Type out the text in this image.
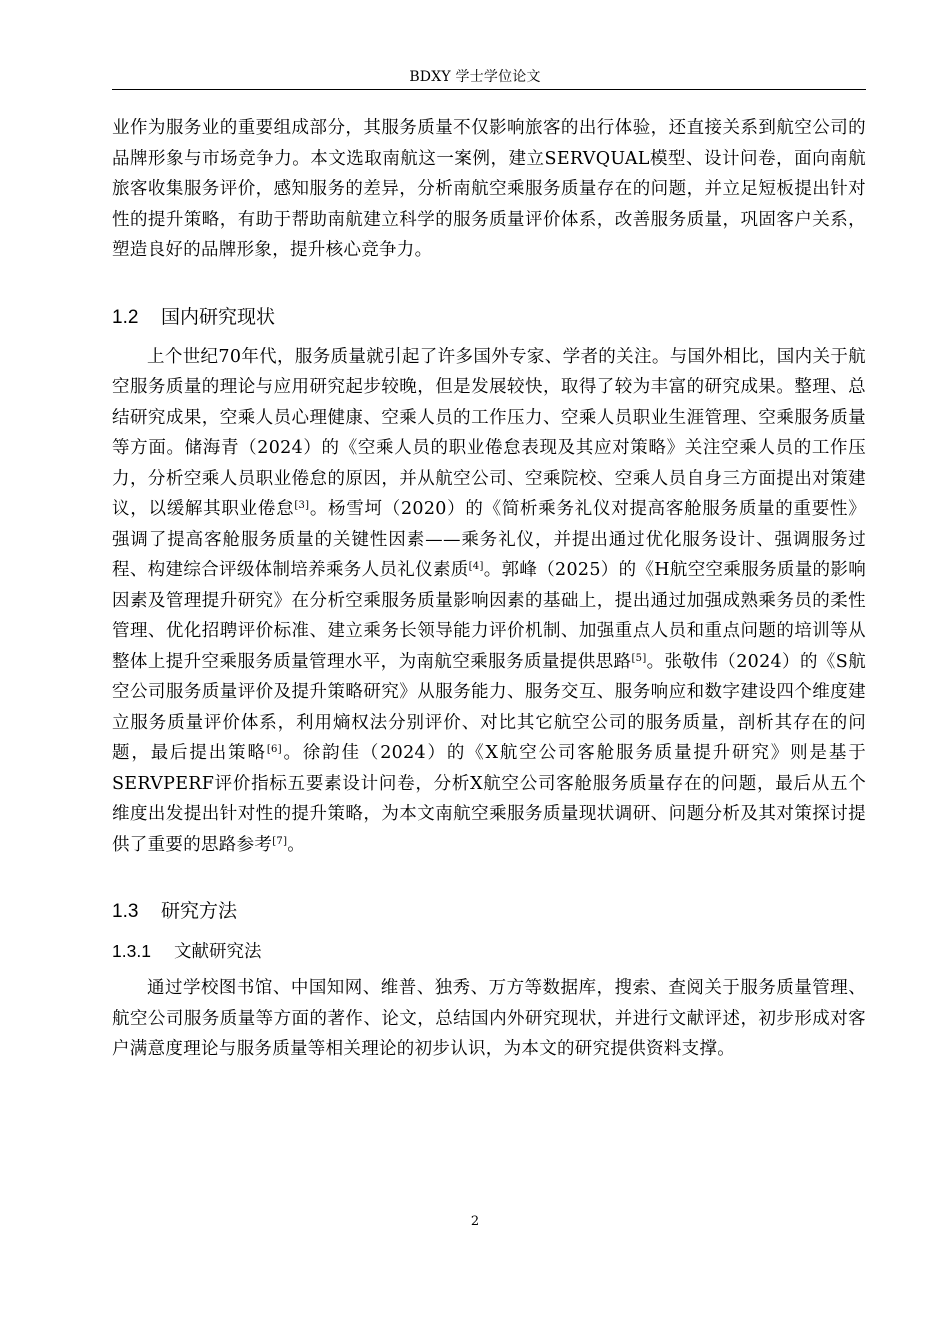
BDXY 学士学位论文

业作为服务业的重要组成部分，其服务质量不仅影响旅客的出行体验，还直接关系到航空公司的品牌形象与市场竞争力。本文选取南航这一案例，建立SERVQUAL模型、设计问卷，面向南航旅客收集服务评价，感知服务的差异，分析南航空乘服务质量存在的问题，并立足短板提出针对性的提升策略，有助于帮助南航建立科学的服务质量评价体系，改善服务质量，巩固客户关系，塑造良好的品牌形象，提升核心竞争力。

1.2 国内研究现状

上个世纪70年代，服务质量就引起了许多国外专家、学者的关注。与国外相比，国内关于航空服务质量的理论与应用研究起步较晚，但是发展较快，取得了较为丰富的研究成果。整理、总结研究成果，空乘人员心理健康、空乘人员的工作压力、空乘人员职业生涯管理、空乘服务质量等方面。储海青（2024）的《空乘人员的职业倦怠表现及其应对策略》关注空乘人员的工作压力，分析空乘人员职业倦怠的原因，并从航空公司、空乘院校、空乘人员自身三方面提出对策建议，以缓解其职业倦怠[3]。杨雪坷（2020）的《简析乘务礼仪对提高客舱服务质量的重要性》强调了提高客舱服务质量的关键性因素——乘务礼仪，并提出通过优化服务设计、强调服务过程、构建综合评级体制培养乘务人员礼仪素质[4]。郭峰（2025）的《H航空空乘服务质量的影响因素及管理提升研究》在分析空乘服务质量影响因素的基础上，提出通过加强成熟乘务员的柔性管理、优化招聘评价标准、建立乘务长领导能力评价机制、加强重点人员和重点问题的培训等从整体上提升空乘服务质量管理水平，为南航空乘服务质量提供思路[5]。张敬伟（2024）的《S航空公司服务质量评价及提升策略研究》从服务能力、服务交互、服务响应和数字建设四个维度建立服务质量评价体系，利用熵权法分别评价、对比其它航空公司的服务质量，剖析其存在的问题，最后提出策略[6]。徐韵佳（2024）的《X航空公司客舱服务质量提升研究》则是基于SERVPERF评价指标五要素设计问卷，分析X航空公司客舱服务质量存在的问题，最后从五个维度出发提出针对性的提升策略，为本文南航空乘服务质量现状调研、问题分析及其对策探讨提供了重要的思路参考[7]。

1.3 研究方法
1.3.1 文献研究法

通过学校图书馆、中国知网、维普、独秀、万方等数据库，搜索、查阅关于服务质量管理、航空公司服务质量等方面的著作、论文，总结国内外研究现状，并进行文献评述，初步形成对客户满意度理论与服务质量等相关理论的初步认识，为本文的研究提供资料支撑。

2
